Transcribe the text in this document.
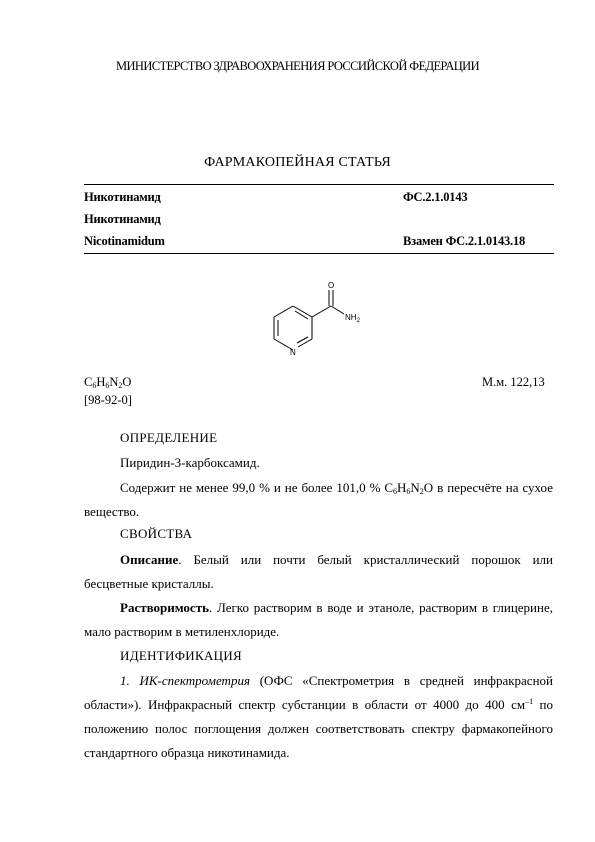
МИНИСТЕРСТВО ЗДРАВООХРАНЕНИЯ РОССИЙСКОЙ ФЕДЕРАЦИИ
ФАРМАКОПЕЙНАЯ СТАТЬЯ
Никотинамид	ФС.2.1.0143
Никотинамид
Nicotinamidum	Взамен ФС.2.1.0143.18
N
O
$NH_2$
$C_6H_6N_2O$
[98-92-0]
М.м. 122,13
ОПРЕДЕЛЕНИЕ
Пиридин-3-карбоксамид.
Содержит не менее 99,0 % и не более 101,0 % $C_6H_6N_2O$ в пересчёте на сухое вещество.
СВОЙСТВА
Описание. Белый или почти белый кристаллический порошок или бесцветные кристаллы.
Растворимость. Легко растворим в воде и этаноле, растворим в глицерине, мало растворим в метиленхлориде.
ИДЕНТИФИКАЦИЯ
1. ИК-спектрометрия (ОФС «Спектрометрия в средней инфракрасной области»). Инфракрасный спектр субстанции в области от 4000 до 400 $см^{-1}$ по положению полос поглощения должен соответствовать спектру фармакопейного стандартного образца никотинамида.
